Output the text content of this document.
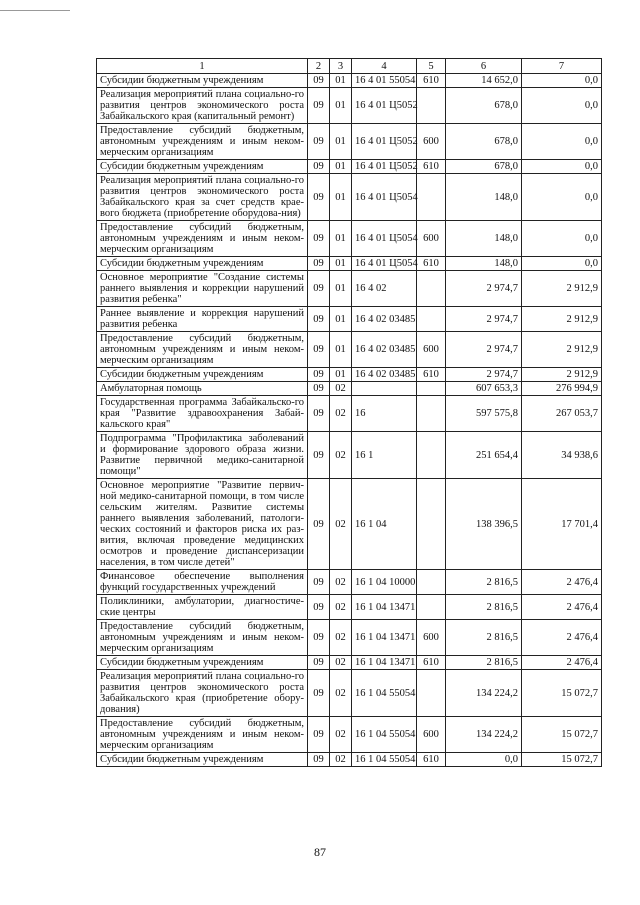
1	2	3	4	5	6	7
Субсидии бюджетным учреждениям	09	01	16 4 01 55054	610	14 652,0	0,0
Реализация мероприятий плана социально-го развития центров экономического роста Забайкальского края (капитальный ремонт)	09	01	16 4 01 Ц5052		678,0	0,0
Предоставление субсидий бюджетным, автономным учреждениям и иным неком-мерческим организациям	09	01	16 4 01 Ц5052	600	678,0	0,0
Субсидии бюджетным учреждениям	09	01	16 4 01 Ц5052	610	678,0	0,0
Реализация мероприятий плана социально-го развития центров экономического роста Забайкальского края за счет средств крае-вого бюджета (приобретение оборудова-ния)	09	01	16 4 01 Ц5054		148,0	0,0
Предоставление субсидий бюджетным, автономным учреждениям и иным неком-мерческим организациям	09	01	16 4 01 Ц5054	600	148,0	0,0
Субсидии бюджетным учреждениям	09	01	16 4 01 Ц5054	610	148,0	0,0
Основное мероприятие "Создание системы раннего выявления и коррекции нарушений развития ребенка"	09	01	16 4 02		2 974,7	2 912,9
Раннее выявление и коррекция нарушений развития ребенка	09	01	16 4 02 03485		2 974,7	2 912,9
Предоставление субсидий бюджетным, автономным учреждениям и иным неком-мерческим организациям	09	01	16 4 02 03485	600	2 974,7	2 912,9
Субсидии бюджетным учреждениям	09	01	16 4 02 03485	610	2 974,7	2 912,9
Амбулаторная помощь	09	02			607 653,3	276 994,9
Государственная программа Забайкальско-го края "Развитие здравоохранения Забай-кальского края"	09	02	16		597 575,8	267 053,7
Подпрограмма "Профилактика заболеваний и формирование здорового образа жизни. Развитие первичной медико-санитарной помощи"	09	02	16 1		251 654,4	34 938,6
Основное мероприятие "Развитие первич-ной медико-санитарной помощи, в том числе сельским жителям. Развитие системы раннего выявления заболеваний, патологи-ческих состояний и факторов риска их раз-вития, включая проведение медицинских осмотров и проведение диспансеризации населения, в том числе детей"	09	02	16 1 04		138 396,5	17 701,4
Финансовое обеспечение выполнения функций государственных учреждений	09	02	16 1 04 10000		2 816,5	2 476,4
Поликлиники, амбулатории, диагностиче-ские центры	09	02	16 1 04 13471		2 816,5	2 476,4
Предоставление субсидий бюджетным, автономным учреждениям и иным неком-мерческим организациям	09	02	16 1 04 13471	600	2 816,5	2 476,4
Субсидии бюджетным учреждениям	09	02	16 1 04 13471	610	2 816,5	2 476,4
Реализация мероприятий плана социально-го развития центров экономического роста Забайкальского края (приобретение обору-дования)	09	02	16 1 04 55054		134 224,2	15 072,7
Предоставление субсидий бюджетным, автономным учреждениям и иным неком-мерческим организациям	09	02	16 1 04 55054	600	134 224,2	15 072,7
Субсидии бюджетным учреждениям	09	02	16 1 04 55054	610	0,0	15 072,7
87
